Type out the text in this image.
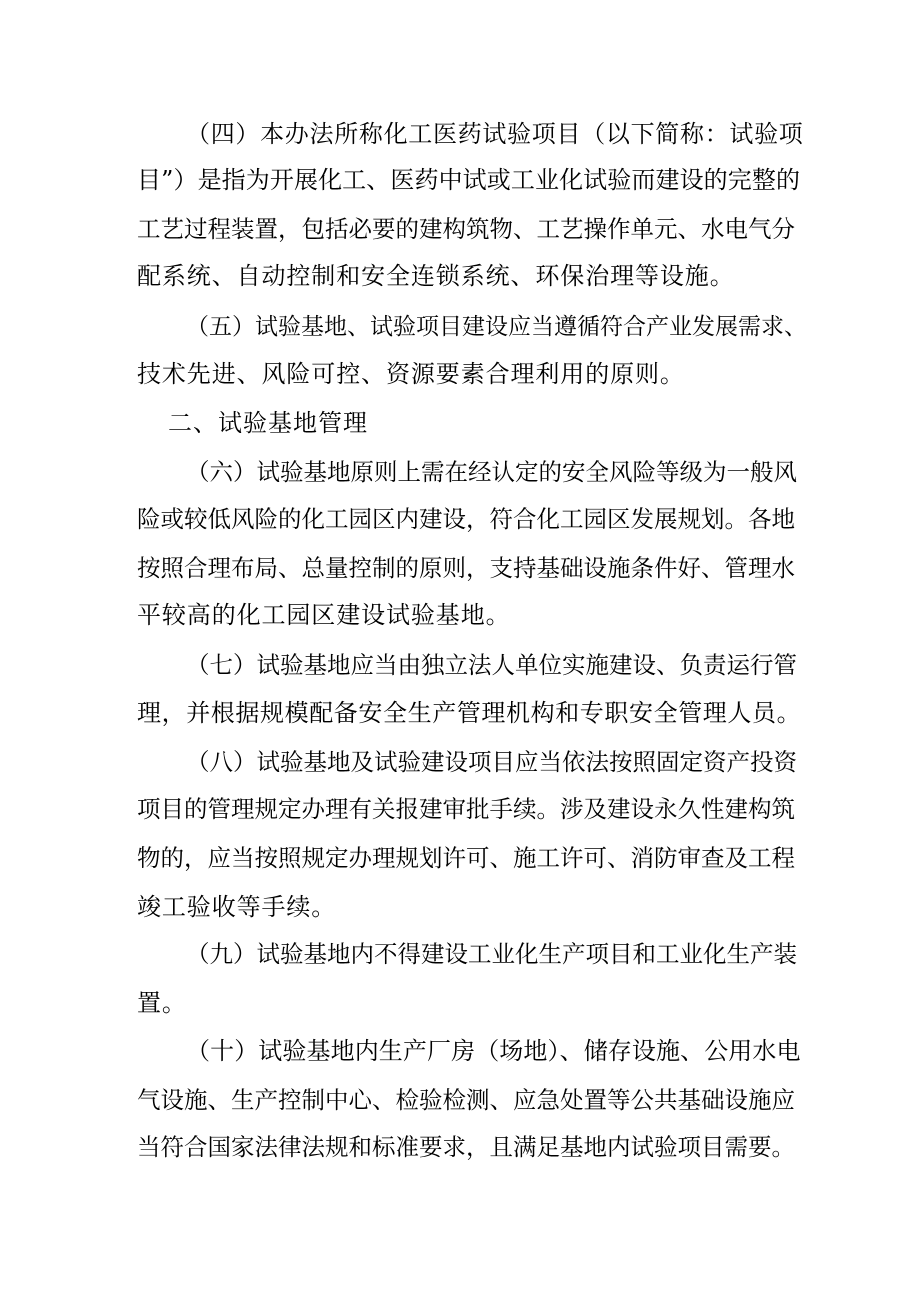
（四）本办法所称化工医药试验项目（以下简称：试验项
目”）是指为开展化工、医药中试或工业化试验而建设的完整的
工艺过程装置，包括必要的建构筑物、工艺操作单元、水电气分
配系统、自动控制和安全连锁系统、环保治理等设施。
（五）试验基地、试验项目建设应当遵循符合产业发展需求、
技术先进、风险可控、资源要素合理利用的原则。
二、试验基地管理
（六）试验基地原则上需在经认定的安全风险等级为一般风
险或较低风险的化工园区内建设，符合化工园区发展规划。各地
按照合理布局、总量控制的原则，支持基础设施条件好、管理水
平较高的化工园区建设试验基地。
（七）试验基地应当由独立法人单位实施建设、负责运行管
理，并根据规模配备安全生产管理机构和专职安全管理人员。
（八）试验基地及试验建设项目应当依法按照固定资产投资
项目的管理规定办理有关报建审批手续。涉及建设永久性建构筑
物的，应当按照规定办理规划许可、施工许可、消防审查及工程
竣工验收等手续。
（九）试验基地内不得建设工业化生产项目和工业化生产装
置。
（十）试验基地内生产厂房（场地）、储存设施、公用水电
气设施、生产控制中心、检验检测、应急处置等公共基础设施应
当符合国家法律法规和标准要求，且满足基地内试验项目需要。
